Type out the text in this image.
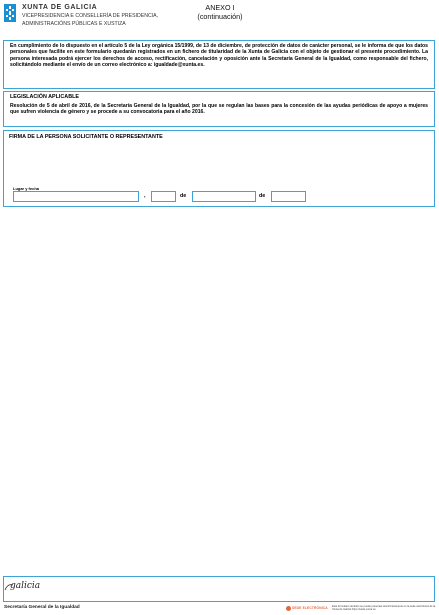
XUNTA DE GALICIA
VICEPRESIDENCIA E CONSELLERÍA DE PRESIDENCIA,
ADMINISTRACIÓNS PÚBLICAS E XUSTIZA
ANEXO I
(continuación)
En cumplimiento de lo dispuesto en el artículo 5 de la Ley orgánica 15/1999, de 13 de diciembre, de protección de datos de carácter personal, se le informa de que los datos personales que facilite en este formulario quedarán registrados en un fichero de titularidad de la Xunta de Galicia con el objeto de gestionar el presente procedimiento. La persona interesada podrá ejercer los derechos de acceso, rectificación, cancelación y oposición ante la Secretaría General de la Igualdad, como responsable del fichero, solicitándolo mediante el envío de un correo electrónico a: igualdade@xunta.es.
LEGISLACIÓN APLICABLE
Resolución de 5 de abril de 2016, de la Secretaría General de la Igualdad, por la que se regulan las bases para la concesión de las ayudas periódicas de apoyo a mujeres que sufren violencia de género y se procede a su convocatoria para el año 2016.
FIRMA DE LA PERSONA SOLICITANTE O REPRESENTANTE
Lugar y fecha
,	de	de
galicia
Secretaría General de la Igualdad	SEDE ELECTRÓNICA Este formulario también se puede presentar electrónicamente en la sede electrónica de la Xunta de Galicia https://sede.xunta.es
